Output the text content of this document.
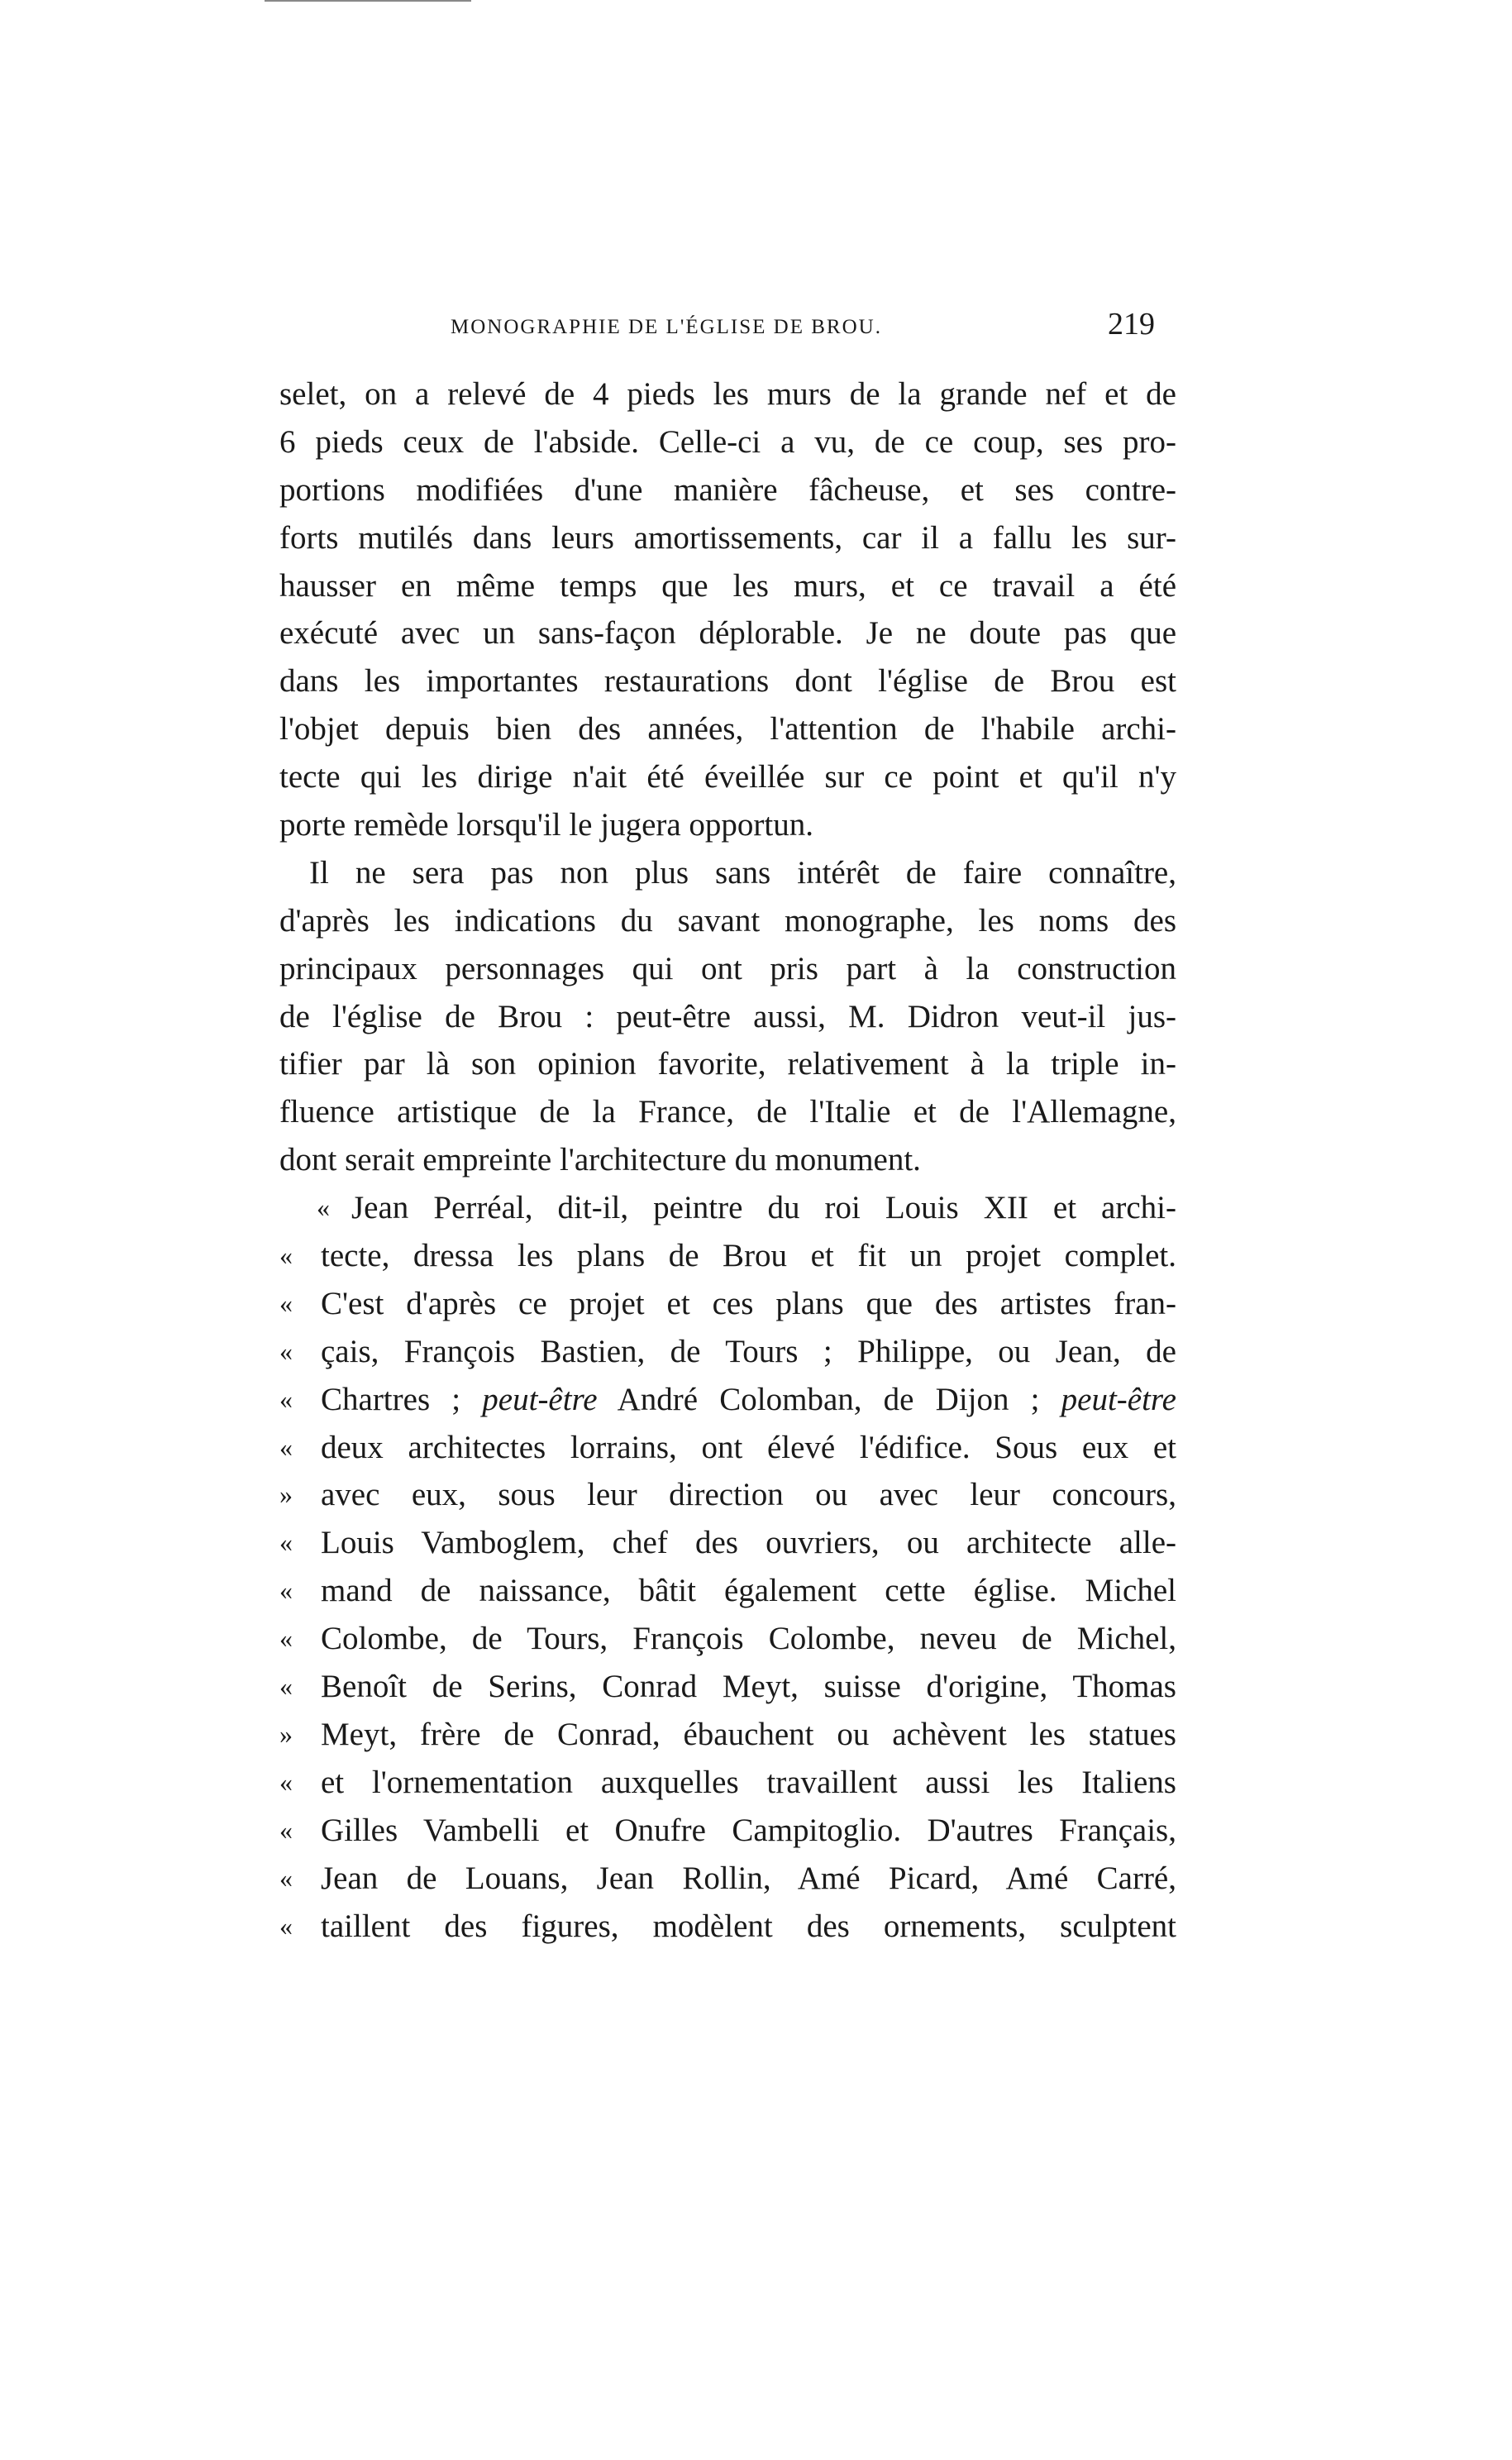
MONOGRAPHIE DE L'ÉGLISE DE BROU.	219
selet, on a relevé de 4 pieds les murs de la grande nef et de
6 pieds ceux de l'abside. Celle-ci a vu, de ce coup, ses pro-
portions modifiées d'une manière fâcheuse, et ses contre-
forts mutilés dans leurs amortissements, car il a fallu les sur-
hausser en même temps que les murs, et ce travail a été
exécuté avec un sans-façon déplorable. Je ne doute pas que
dans les importantes restaurations dont l'église de Brou est
l'objet depuis bien des années, l'attention de l'habile archi-
tecte qui les dirige n'ait été éveillée sur ce point et qu'il n'y
porte remède lorsqu'il le jugera opportun.
Il ne sera pas non plus sans intérêt de faire connaître,
d'après les indications du savant monographe, les noms des
principaux personnages qui ont pris part à la construction
de l'église de Brou : peut-être aussi, M. Didron veut-il jus-
tifier par là son opinion favorite, relativement à la triple in-
fluence artistique de la France, de l'Italie et de l'Allemagne,
dont serait empreinte l'architecture du monument.
« Jean Perréal, dit-il, peintre du roi Louis XII et archi-
« tecte, dressa les plans de Brou et fit un projet complet.
« C'est d'après ce projet et ces plans que des artistes fran-
« çais, François Bastien, de Tours ; Philippe, ou Jean, de
« Chartres ; peut-être André Colomban, de Dijon ; peut-être
« deux architectes lorrains, ont élevé l'édifice. Sous eux et
» avec eux, sous leur direction ou avec leur concours,
« Louis Vamboglem, chef des ouvriers, ou architecte alle-
« mand de naissance, bâtit également cette église. Michel
« Colombe, de Tours, François Colombe, neveu de Michel,
« Benoît de Serins, Conrad Meyt, suisse d'origine, Thomas
» Meyt, frère de Conrad, ébauchent ou achèvent les statues
« et l'ornementation auxquelles travaillent aussi les Italiens
« Gilles Vambelli et Onufre Campitoglio. D'autres Français,
« Jean de Louans, Jean Rollin, Amé Picard, Amé Carré,
« taillent des figures, modèlent des ornements, sculptent
